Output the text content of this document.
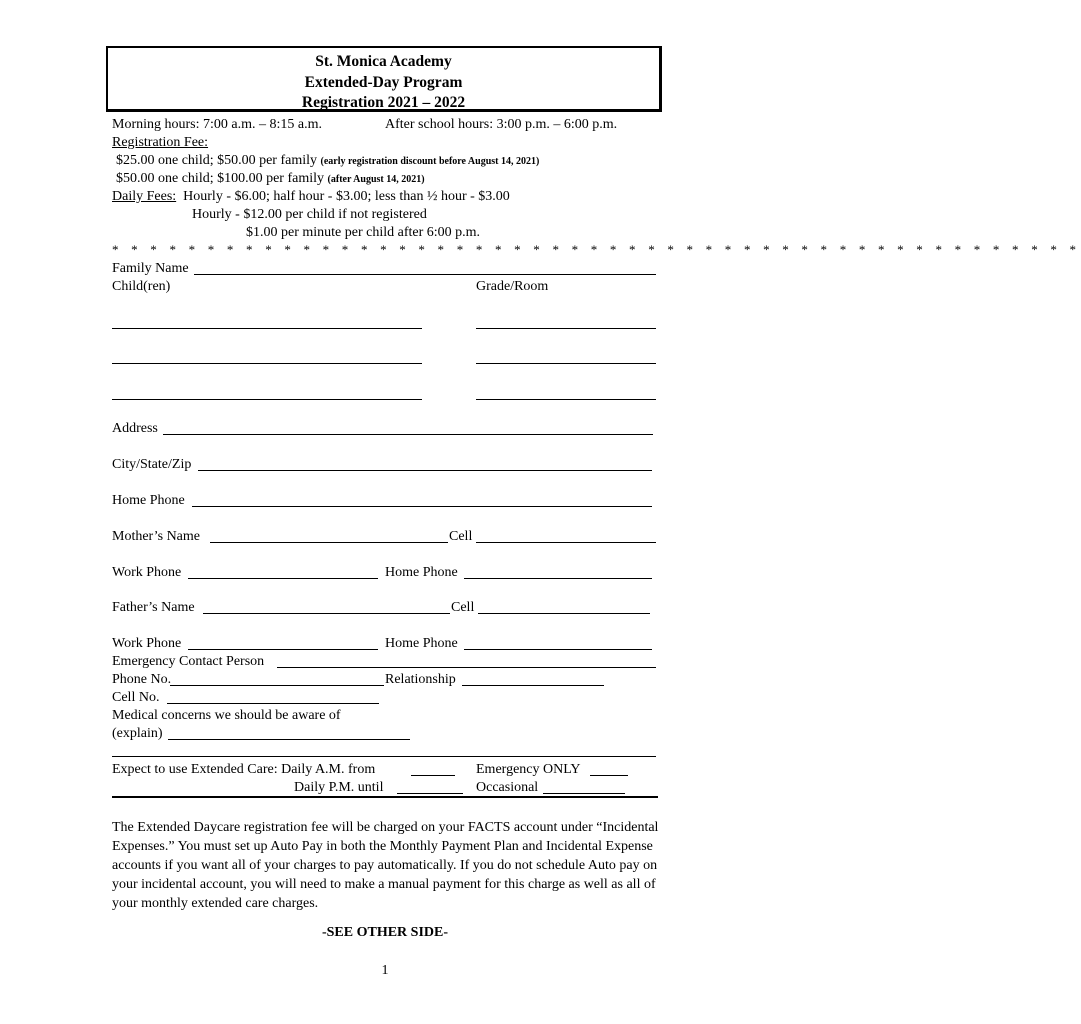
St. Monica Academy
Extended-Day Program
Registration 2021 – 2022
Morning hours: 7:00 a.m. – 8:15 a.m.	After school hours: 3:00 p.m. – 6:00 p.m.
Registration Fee:
$25.00 one child; $50.00 per family (early registration discount before August 14, 2021)
$50.00 one child; $100.00 per family (after August 14, 2021)
Daily Fees: Hourly - $6.00; half hour - $3.00; less than ½ hour - $3.00
Hourly - $12.00 per child if not registered
$1.00 per minute per child after 6:00 p.m.
* * * * * * * * * * * * * * * * * * * * * * * * * * * * * * * * * * * * * * * * * * * * * * * * * * *
Family Name
Child(ren)	Grade/Room
Address
City/State/Zip
Home Phone
Mother’s Name	Cell
Work Phone	Home Phone
Father’s Name	Cell
Work Phone	Home Phone
Emergency Contact Person
Phone No.	Relationship
Cell No.
Medical concerns we should be aware of
(explain)
Expect to use Extended Care: Daily A.M. from	Emergency ONLY
Daily P.M. until	Occasional
The Extended Daycare registration fee will be charged on your FACTS account under “Incidental Expenses.” You must set up Auto Pay in both the Monthly Payment Plan and Incidental Expense accounts if you want all of your charges to pay automatically. If you do not schedule Auto pay on your incidental account, you will need to make a manual payment for this charge as well as all of your monthly extended care charges.
-SEE OTHER SIDE-
1
